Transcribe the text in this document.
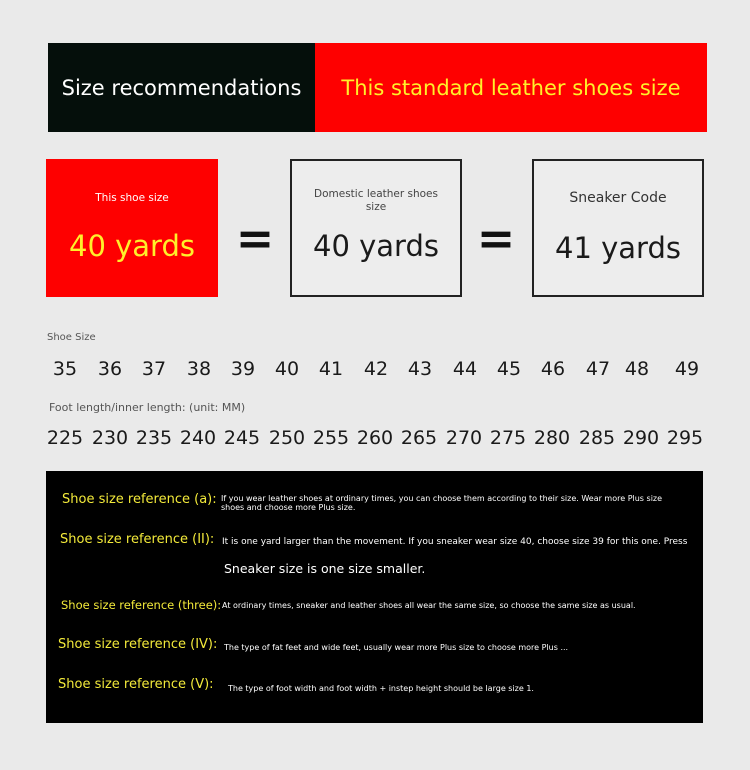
Size recommendations	This standard leather shoes size
This shoe size
40 yards =
Domestic leather shoes size
40 yards =
Sneaker Code
41 yards
Shoe Size
35	36	37	38	39	40	41	42	43	44	45	46	47 48	49
Foot length/inner length: (unit: MM)
225 230 235 240 245 250 255 260 265 270 275 280 285 290 295
Shoe size reference (a): If you wear leather shoes at ordinary times, you can choose them according to their size. Wear more Plus size shoes and choose more Plus size.
Shoe size reference (II): It is one yard larger than the movement. If you sneaker wear size 40, choose size 39 for this one. Press
Sneaker size is one size smaller.
Shoe size reference (three): At ordinary times, sneaker and leather shoes all wear the same size, so choose the same size as usual.
Shoe size reference (IV): The type of fat feet and wide feet, usually wear more Plus size to choose more Plus ...
Shoe size reference (V): The type of foot width and foot width + instep height should be large size 1.
